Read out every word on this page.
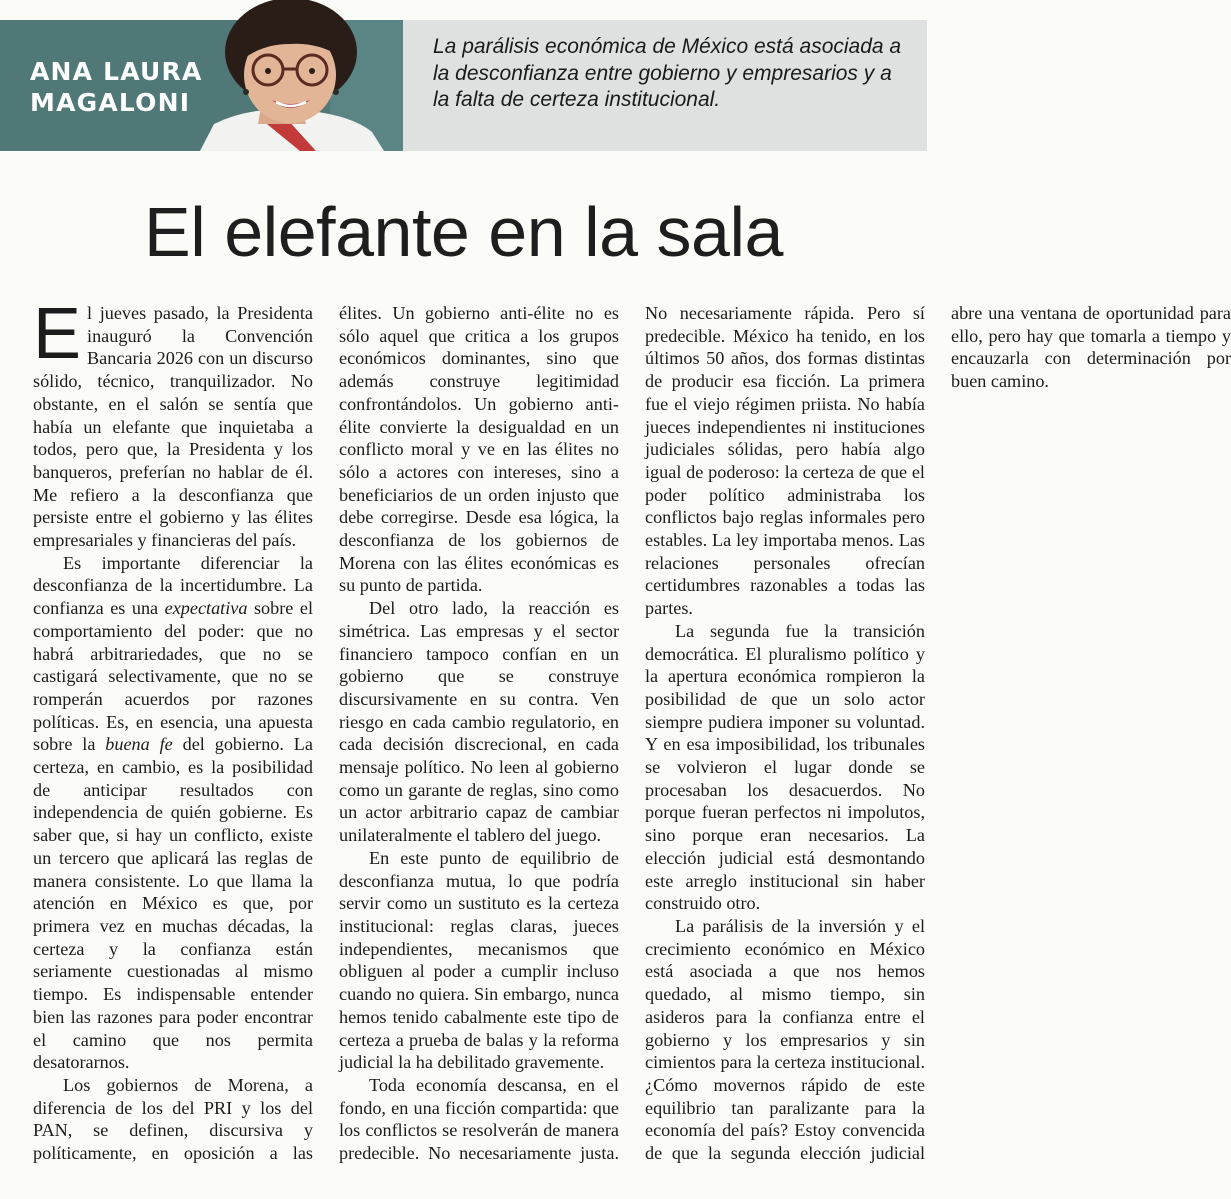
ANA LAURA
MAGALONI

La parálisis económica de México está asociada a la desconfianza entre gobierno y empresarios y a la falta de certeza institucional.

El elefante en la sala

El jueves pasado, la Presidenta inauguró la Convención Bancaria 2026 con un discurso sólido, técnico, tranquilizador. No obstante, en el salón se sentía que había un elefante que inquietaba a todos, pero que, la Presidenta y los banqueros, preferían no hablar de él. Me refiero a la desconfianza que persiste entre el gobierno y las élites empresariales y financieras del país.

Es importante diferenciar la desconfianza de la incertidumbre. La confianza es una expectativa sobre el comportamiento del poder: que no habrá arbitrariedades, que no se castigará selectivamente, que no se romperán acuerdos por razones políticas. Es, en esencia, una apuesta sobre la buena fe del gobierno. La certeza, en cambio, es la posibilidad de anticipar resultados con independencia de quién gobierne. Es saber que, si hay un conflicto, existe un tercero que aplicará las reglas de manera consistente. Lo que llama la atención en México es que, por primera vez en muchas décadas, la certeza y la confianza están seriamente cuestionadas al mismo tiempo. Es indispensable entender bien las razones para poder encontrar el camino que nos permita desatorarnos.

Los gobiernos de Morena, a diferencia de los del PRI y los del PAN, se definen, discursiva y políticamente, en oposición a las élites. Un gobierno anti-élite no es sólo aquel que critica a los grupos económicos dominantes, sino que además construye legitimidad confrontándolos. Un gobierno anti-élite convierte la desigualdad en un conflicto moral y ve en las élites no sólo a actores con intereses, sino a beneficiarios de un orden injusto que debe corregirse. Desde esa lógica, la desconfianza de los gobiernos de Morena con las élites económicas es su punto de partida.

Del otro lado, la reacción es simétrica. Las empresas y el sector financiero tampoco confían en un gobierno que se construye discursivamente en su contra. Ven riesgo en cada cambio regulatorio, en cada decisión discrecional, en cada mensaje político. No leen al gobierno como un garante de reglas, sino como un actor arbitrario capaz de cambiar unilateralmente el tablero del juego.

En este punto de equilibrio de desconfianza mutua, lo que podría servir como un sustituto es la certeza institucional: reglas claras, jueces independientes, mecanismos que obliguen al poder a cumplir incluso cuando no quiera. Sin embargo, nunca hemos tenido cabalmente este tipo de certeza a prueba de balas y la reforma judicial la ha debilitado gravemente.

Toda economía descansa, en el fondo, en una ficción compartida: que los conflictos se resolverán de manera predecible. No necesariamente justa. No necesariamente rápida. Pero sí predecible. México ha tenido, en los últimos 50 años, dos formas distintas de producir esa ficción. La primera fue el viejo régimen priista. No había jueces independientes ni instituciones judiciales sólidas, pero había algo igual de poderoso: la certeza de que el poder político administraba los conflictos bajo reglas informales pero estables. La ley importaba menos. Las relaciones personales ofrecían certidumbres razonables a todas las partes.

La segunda fue la transición democrática. El pluralismo político y la apertura económica rompieron la posibilidad de que un solo actor siempre pudiera imponer su voluntad. Y en esa imposibilidad, los tribunales se volvieron el lugar donde se procesaban los desacuerdos. No porque fueran perfectos ni impolutos, sino porque eran necesarios. La elección judicial está desmontando este arreglo institucional sin haber construido otro.

La parálisis de la inversión y el crecimiento económico en México está asociada a que nos hemos quedado, al mismo tiempo, sin asideros para la confianza entre el gobierno y los empresarios y sin cimientos para la certeza institucional. ¿Cómo movernos rápido de este equilibrio tan paralizante para la economía del país? Estoy convencida de que la segunda elección judicial abre una ventana de oportunidad para ello, pero hay que tomarla a tiempo y encauzarla con determinación por buen camino.
